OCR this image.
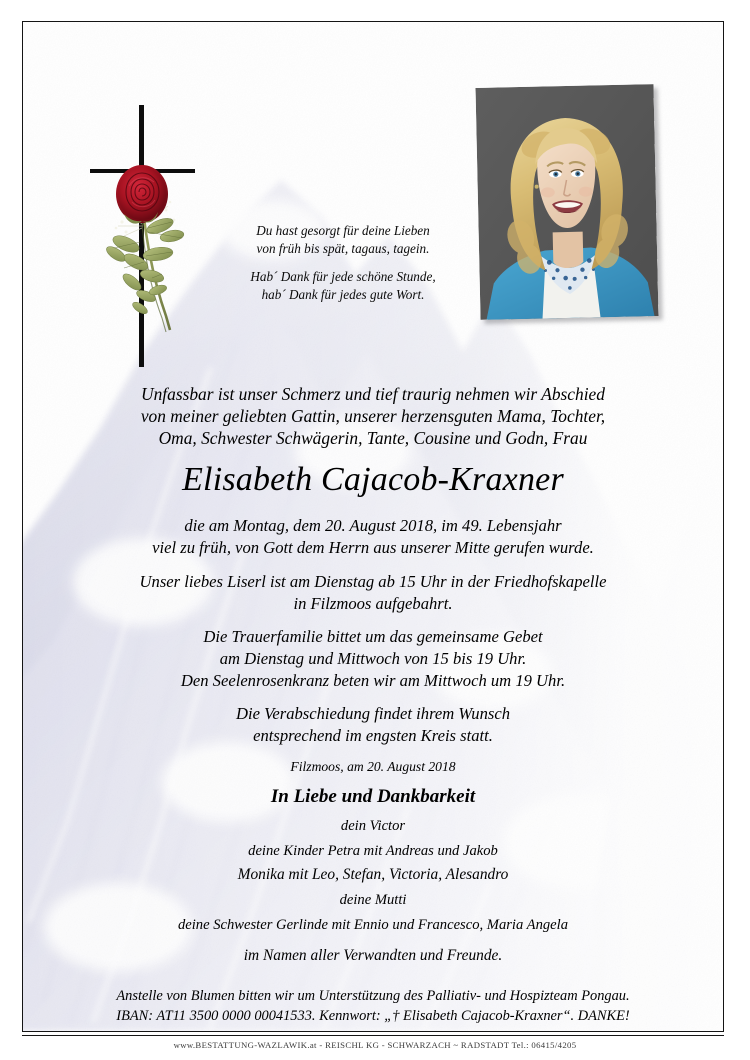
Du hast gesorgt für deine Lieben
von früh bis spät, tagaus, tagein.
Hab´ Dank für jede schöne Stunde,
hab´ Dank für jedes gute Wort.
Unfassbar ist unser Schmerz und tief traurig nehmen wir Abschied
von meiner geliebten Gattin, unserer herzensguten Mama, Tochter,
Oma, Schwester Schwägerin, Tante, Cousine und Godn, Frau
Elisabeth Cajacob-Kraxner
die am Montag, dem 20. August 2018, im 49. Lebensjahr
viel zu früh, von Gott dem Herrn aus unserer Mitte gerufen wurde.
Unser liebes Liserl ist am Dienstag ab 15 Uhr in der Friedhofskapelle
in Filzmoos aufgebahrt.
Die Trauerfamilie bittet um das gemeinsame Gebet
am Dienstag und Mittwoch von 15 bis 19 Uhr.
Den Seelenrosenkranz beten wir am Mittwoch um 19 Uhr.
Die Verabschiedung findet ihrem Wunsch
entsprechend im engsten Kreis statt.
Filzmoos, am 20. August 2018
In Liebe und Dankbarkeit
dein Victor
deine Kinder Petra mit Andreas und Jakob
Monika mit Leo, Stefan, Victoria, Alesandro
deine Mutti
deine Schwester Gerlinde mit Ennio und Francesco, Maria Angela
im Namen aller Verwandten und Freunde.
Anstelle von Blumen bitten wir um Unterstützung des Palliativ- und Hospizteam Pongau.
IBAN: AT11 3500 0000 00041533. Kennwort: „† Elisabeth Cajacob-Kraxner“. DANKE!
www.BESTATTUNG-WAZLAWIK.at - REISCHL KG - SCHWARZACH ~ RADSTADT Tel.: 06415/4205
